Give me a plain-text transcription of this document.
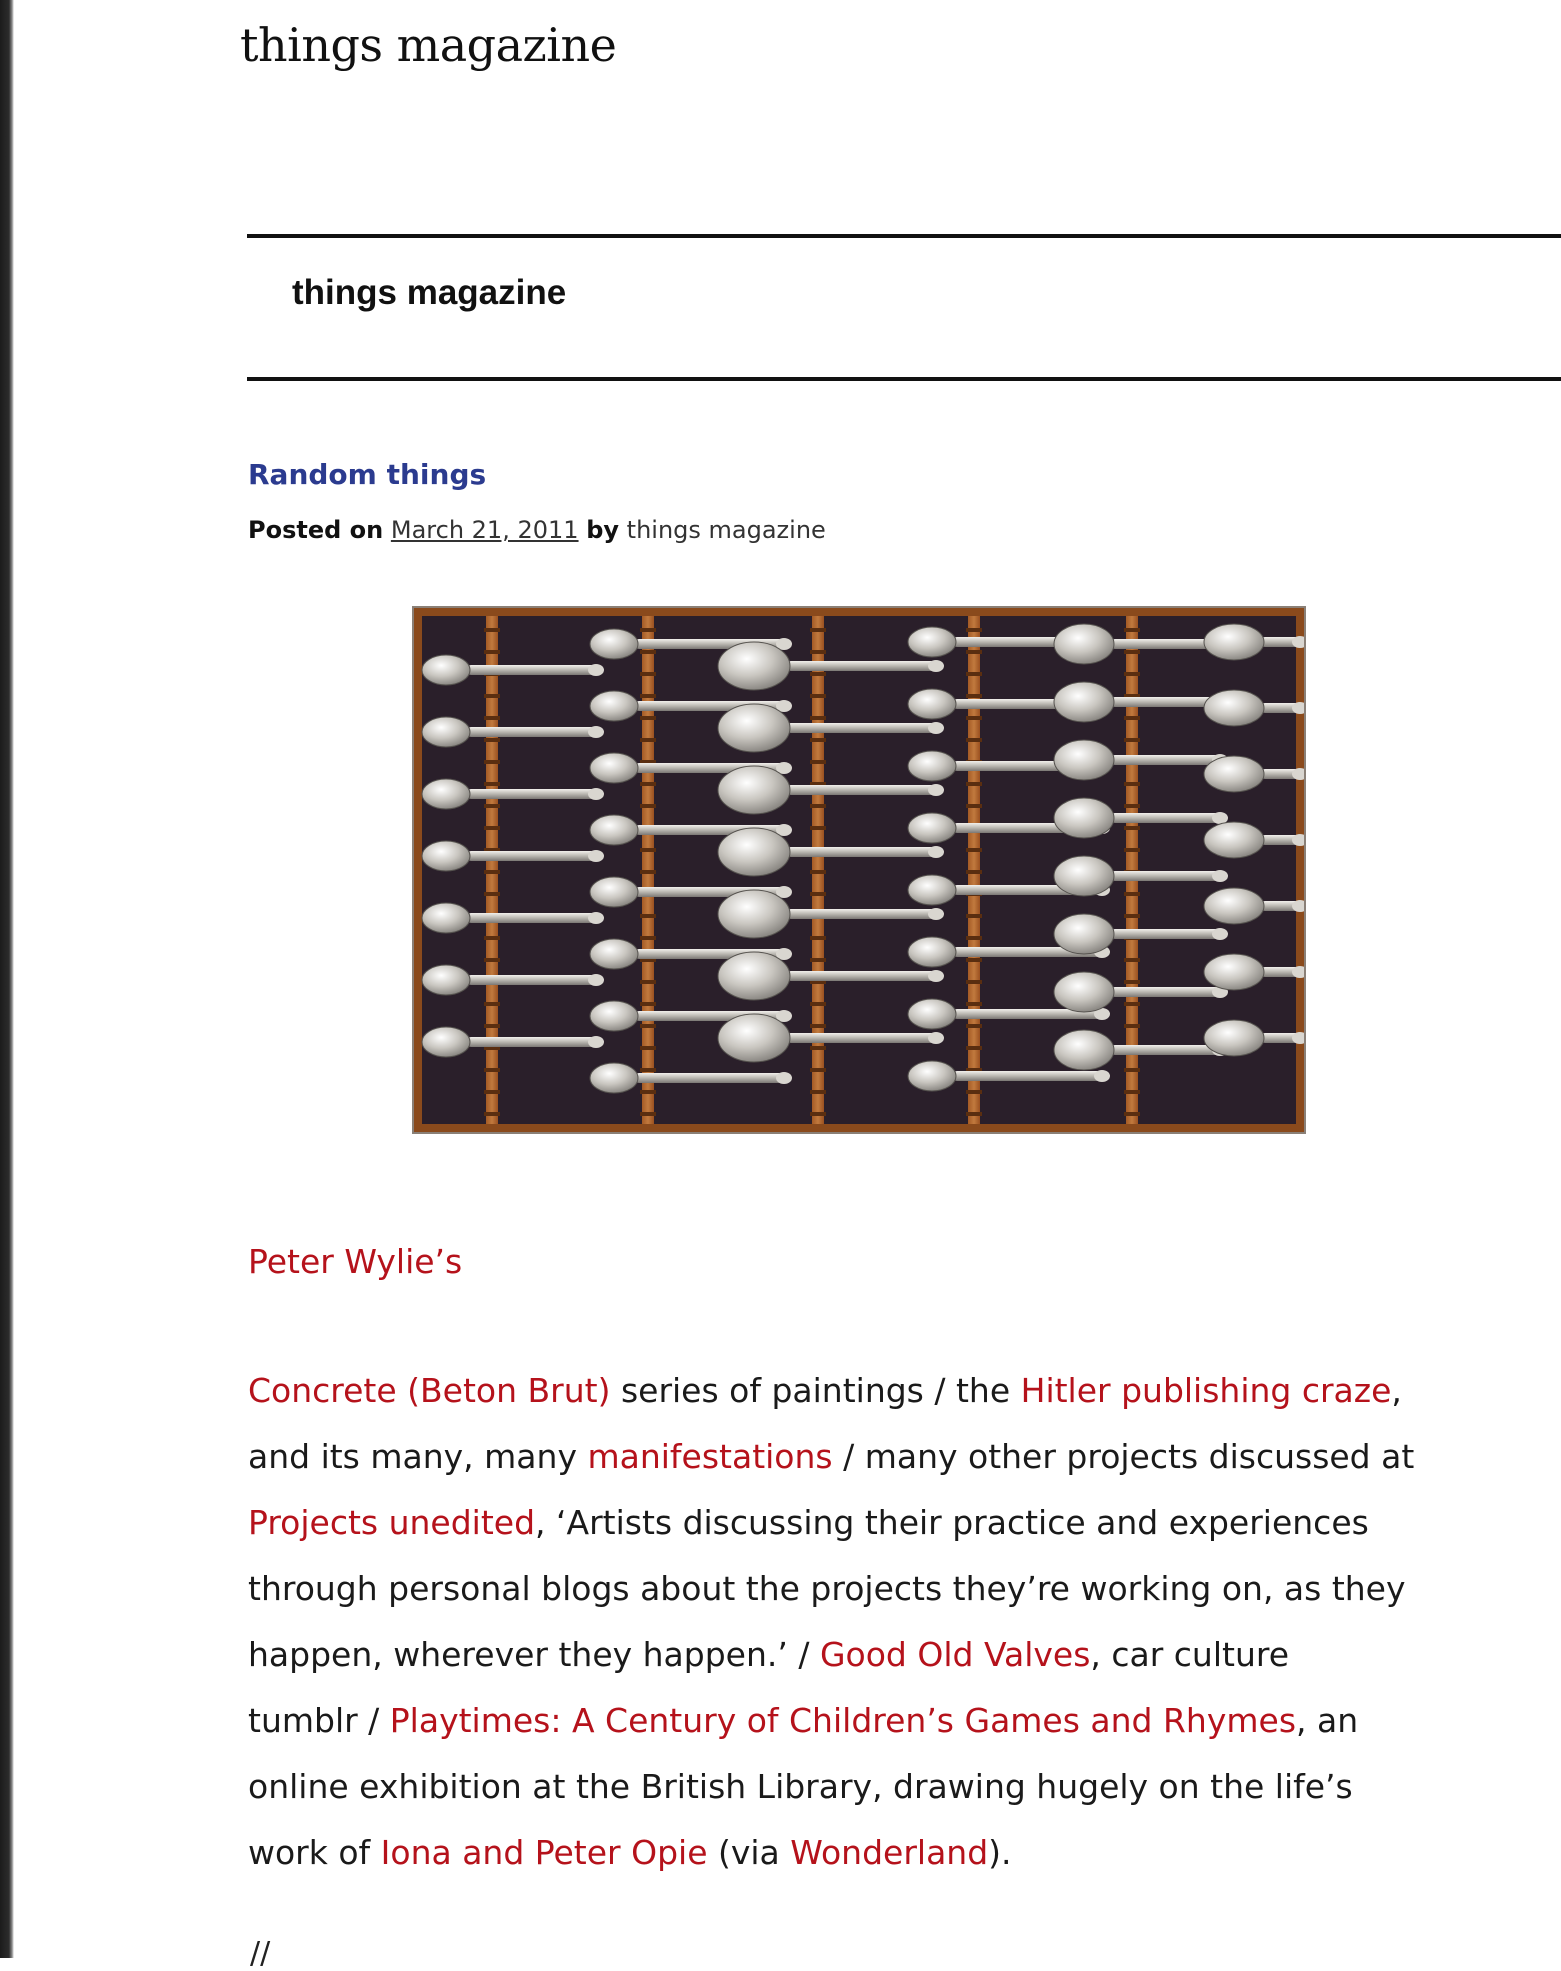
things magazine
things magazine
Random things
Posted on March 21, 2011 by things magazine
Peter Wylie’s
Concrete (Beton Brut) series of paintings / the Hitler publishing craze,
and its many, many manifestations / many other projects discussed at
Projects unedited, ‘Artists discussing their practice and experiences
through personal blogs about the projects they’re working on, as they
happen, wherever they happen.’ / Good Old Valves, car culture
tumblr / Playtimes: A Century of Children’s Games and Rhymes, an
online exhibition at the British Library, drawing hugely on the life’s
work of Iona and Peter Opie (via Wonderland).
//
